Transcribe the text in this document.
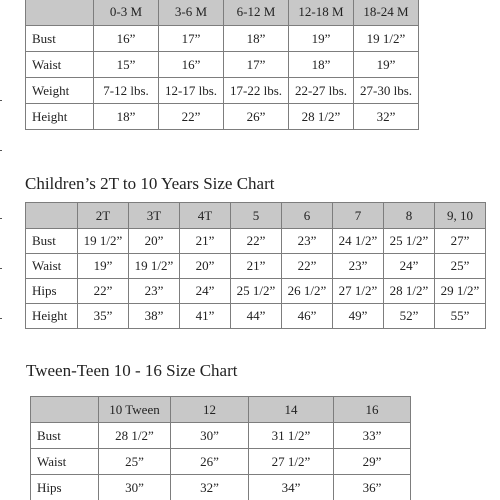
	0-3 M	3-6 M	6-12 M	12-18 M	18-24 M
Bust	16”	17”	18”	19”	19 1/2”
Waist	15”	16”	17”	18”	19”
Weight	7-12 lbs.	12-17 lbs.	17-22 lbs.	22-27 lbs.	27-30 lbs.
Height	18”	22”	26”	28 1/2”	32”
Children’s 2T to 10 Years Size Chart
	2T	3T	4T	5	6	7	8	9, 10
Bust	19 1/2”	20”	21”	22”	23”	24 1/2”	25 1/2”	27”
Waist	19”	19 1/2”	20”	21”	22”	23”	24”	25”
Hips	22”	23”	24”	25 1/2”	26 1/2”	27 1/2”	28 1/2”	29 1/2”
Height	35”	38”	41”	44”	46”	49”	52”	55”
Tween-Teen 10 - 16 Size Chart
	10 Tween	12	14	16
Bust	28 1/2”	30”	31 1/2”	33”
Waist	25”	26”	27 1/2”	29”
Hips	30”	32”	34”	36”
